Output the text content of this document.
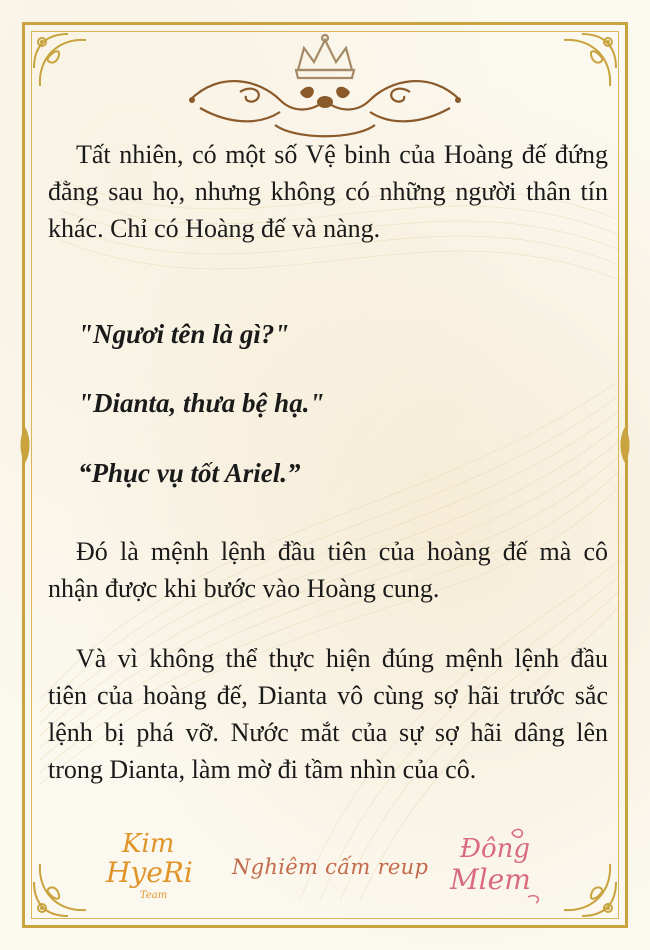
Tất nhiên, có một số Vệ binh của Hoàng đế đứng đằng sau họ, nhưng không có những người thân tín khác. Chỉ có Hoàng đế và nàng.
"Ngươi tên là gì?"
"Dianta, thưa bệ hạ."
“Phục vụ tốt Ariel.”
Đó là mệnh lệnh đầu tiên của hoàng đế mà cô nhận được khi bước vào Hoàng cung.
Và vì không thể thực hiện đúng mệnh lệnh đầu tiên của hoàng đế, Dianta vô cùng sợ hãi trước sắc lệnh bị phá vỡ. Nước mắt của sự sợ hãi dâng lên trong Dianta, làm mờ đi tầm nhìn của cô.
Kim
HyeRi
Team
Nghiêm cấm reup
Đông
Mlem
